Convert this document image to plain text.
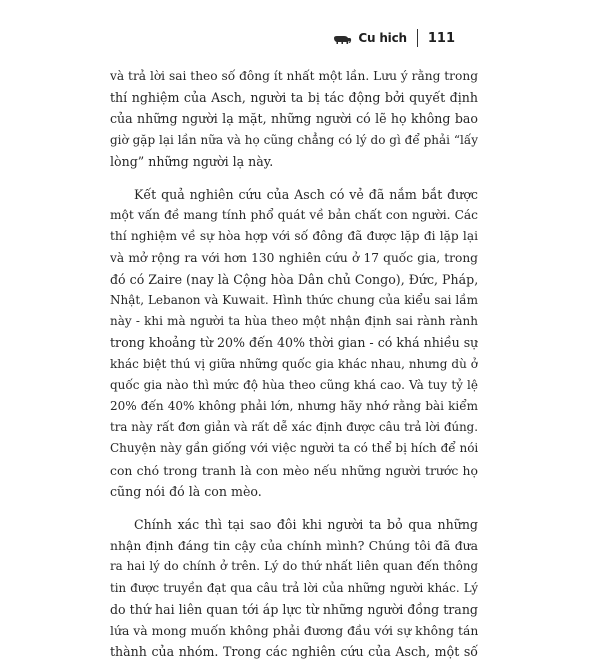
Cu hich 111

và trả lời sai theo số đông ít nhất một lần. Lưu ý rằng trong
thí nghiệm của Asch, người ta bị tác động bởi quyết định
của những người lạ mặt, những người có lẽ họ không bao
giờ gặp lại lần nữa và họ cũng chẳng có lý do gì để phải “lấy
lòng” những người lạ này.

Kết quả nghiên cứu của Asch có vẻ đã nắm bắt được
một vấn đề mang tính phổ quát về bản chất con người. Các
thí nghiệm về sự hòa hợp với số đông đã được lặp đi lặp lại
và mở rộng ra với hơn 130 nghiên cứu ở 17 quốc gia, trong
đó có Zaire (nay là Cộng hòa Dân chủ Congo), Đức, Pháp,
Nhật, Lebanon và Kuwait. Hình thức chung của kiểu sai lầm
này - khi mà người ta hùa theo một nhận định sai rành rành
trong khoảng từ 20% đến 40% thời gian - có khá nhiều sự
khác biệt thú vị giữa những quốc gia khác nhau, nhưng dù ở
quốc gia nào thì mức độ hùa theo cũng khá cao. Và tuy tỷ lệ
20% đến 40% không phải lớn, nhưng hãy nhớ rằng bài kiểm
tra này rất đơn giản và rất dễ xác định được câu trả lời đúng.
Chuyện này gần giống với việc người ta có thể bị hích để nói
con chó trong tranh là con mèo nếu những người trước họ
cũng nói đó là con mèo.

Chính xác thì tại sao đôi khi người ta bỏ qua những
nhận định đáng tin cậy của chính mình? Chúng tôi đã đưa
ra hai lý do chính ở trên. Lý do thứ nhất liên quan đến thông
tin được truyền đạt qua câu trả lời của những người khác. Lý
do thứ hai liên quan tới áp lực từ những người đồng trang
lứa và mong muốn không phải đương đầu với sự không tán
thành của nhóm. Trong các nghiên cứu của Asch, một số
